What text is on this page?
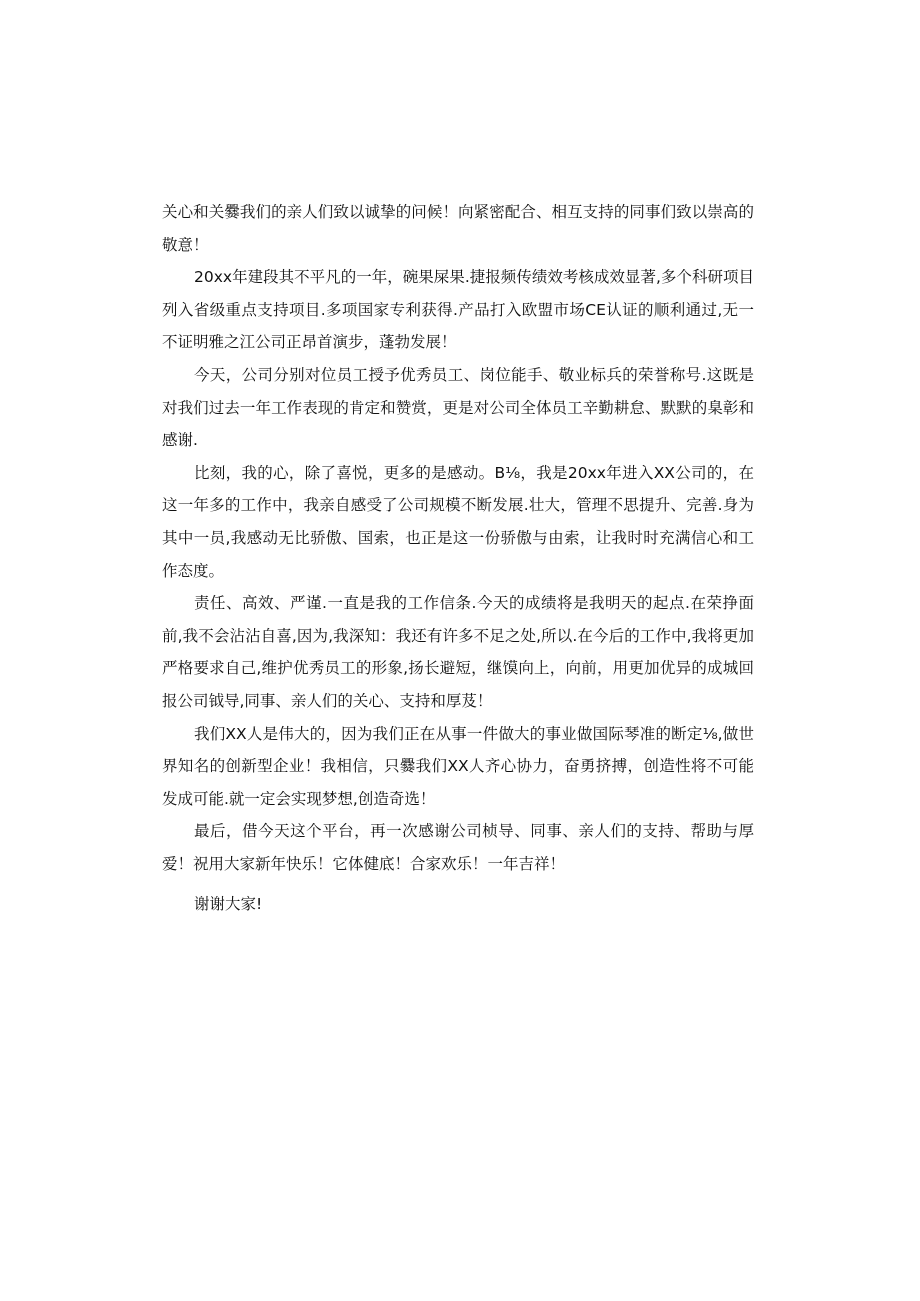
关心和关爨我们的亲人们致以诚挚的问候！向紧密配合、相互支持的同事们致以崇高的敬意！

20xx年建段其不平凡的一年，碗果屎果.捷报频传绩效考核成效显著,多个科研项目列入省级重点支持项目.多项国家专利获得.产品打入欧盟市场CE认证的顺利通过,无一不证明雅之江公司正昂首演步，蓬勃发展！

今天，公司分别对位员工授予优秀员工、岗位能手、敬业标兵的荣誉称号.这既是对我们过去一年工作表现的肯定和赞赏，更是对公司全体员工辛勤耕怠、默默的臬彰和感谢.

比刻，我的心，除了喜悦，更多的是感动。B⅛，我是20xx年进入XX公司的，在这一年多的工作中，我亲自感受了公司规模不断发展.壮大，管理不思提升、完善.身为其中一员,我感动无比骄傲、国索，也正是这一份骄傲与由索，让我时时充满信心和工作态度。

责任、高效、严谨.一直是我的工作信条.今天的成绩将是我明天的起点.在荣挣面前,我不会沾沾自喜,因为,我深知：我还有许多不足之处,所以.在今后的工作中,我将更加严格要求自己,维护优秀员工的形象,扬长避短，继馍向上，向前，用更加优异的成城回报公司钺导,同事、亲人们的关心、支持和厚芨！

我们XX人是伟大的，因为我们正在从事一件做大的事业做国际琴准的断定⅛,做世界知名的创新型企业！我相信，只爨我们XX人齐心协力，奋勇挤搏，创造性将不可能发成可能.就一定会实现梦想,创造奇选！

最后，借今天这个平台，再一次感谢公司桢导、同事、亲人们的支持、帮助与厚爱！祝用大家新年快乐！它体健底！合家欢乐！一年吉祥！

谢谢大家!
